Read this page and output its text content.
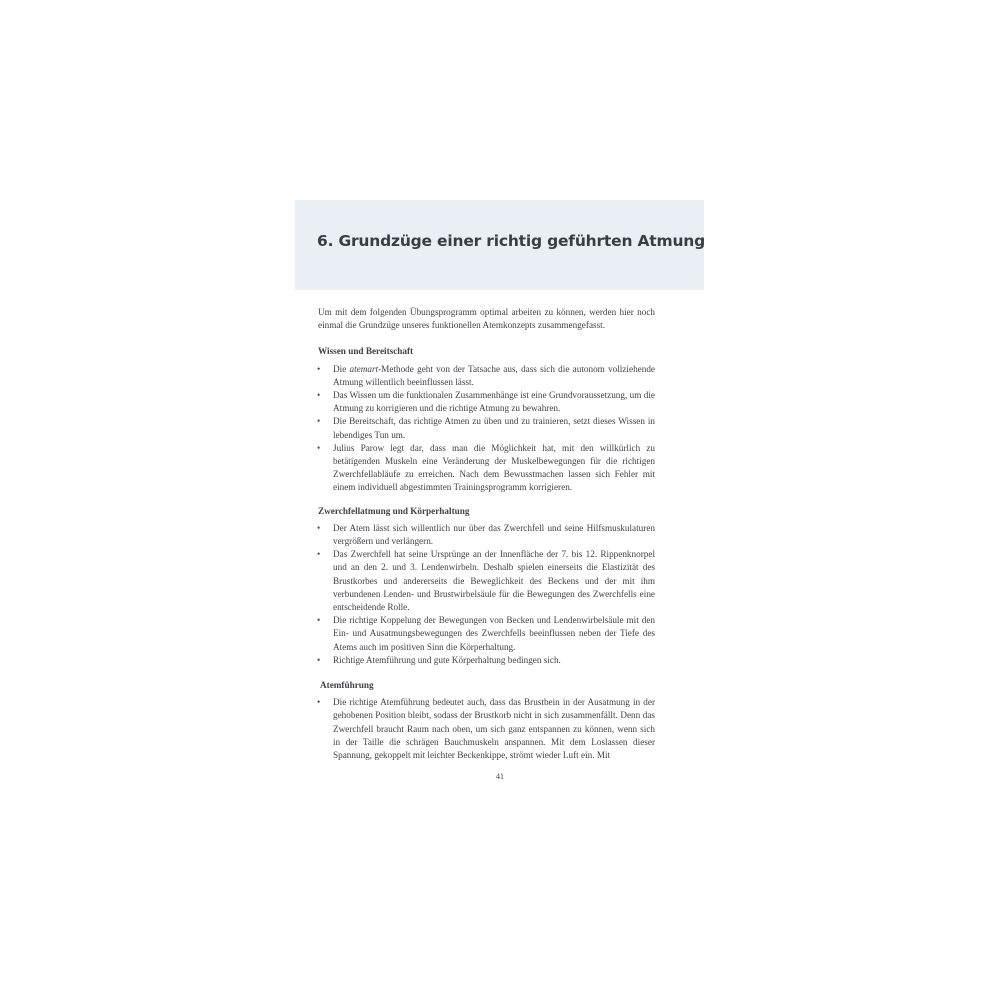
6. Grundzüge einer richtig geführten Atmung

Um mit dem folgenden Übungsprogramm optimal arbeiten zu können, werden hier noch einmal die Grundzüge unseres funktionellen Atemkonzepts zusammengefasst.

Wissen und Bereitschaft
• Die atemart-Methode geht von der Tatsache aus, dass sich die autonom vollziehende Atmung willentlich beeinflussen lässt.
• Das Wissen um die funktionalen Zusammenhänge ist eine Grundvoraussetzung, um die Atmung zu korrigieren und die richtige Atmung zu bewahren.
• Die Bereitschaft, das richtige Atmen zu üben und zu trainieren, setzt dieses Wissen in lebendiges Tun um.
• Julius Parow legt dar, dass man die Möglichkeit hat, mit den willkürlich zu betätigenden Muskeln eine Veränderung der Muskelbewegungen für die richtigen Zwerchfellabläufe zu erreichen. Nach dem Bewusstmachen lassen sich Fehler mit einem individuell abgestimmten Trainingsprogramm korrigieren.
Zwerchfellatmung und Körperhaltung
• Der Atem lässt sich willentlich nur über das Zwerchfell und seine Hilfsmuskulaturen vergrößern und verlängern.
• Das Zwerchfell hat seine Ursprünge an der Innenfläche der 7. bis 12. Rippenknorpel und an den 2. und 3. Lendenwirbeln. Deshalb spielen einerseits die Elastizität des Brustkorbes und andererseits die Beweglichkeit des Beckens und der mit ihm verbundenen Lenden- und Brustwirbelsäule für die Bewegungen des Zwerchfells eine entscheidende Rolle.
• Die richtige Koppelung der Bewegungen von Becken und Lendenwirbelsäule mit den Ein- und Ausatmungsbewegungen des Zwerchfells beeinflussen neben der Tiefe des Atems auch im positiven Sinn die Körperhaltung.
• Richtige Atemführung und gute Körperhaltung bedingen sich.
Atemführung
• Die richtige Atemführung bedeutet auch, dass das Brustbein in der Ausatmung in der gehobenen Position bleibt, sodass der Brustkorb nicht in sich zusammenfällt. Denn das Zwerchfell braucht Raum nach oben, um sich ganz entspannen zu können, wenn sich in der Taille die schrägen Bauchmuskeln anspannen. Mit dem Loslassen dieser Spannung, gekoppelt mit leichter Beckenkippe, strömt wieder Luft ein. Mit
41
